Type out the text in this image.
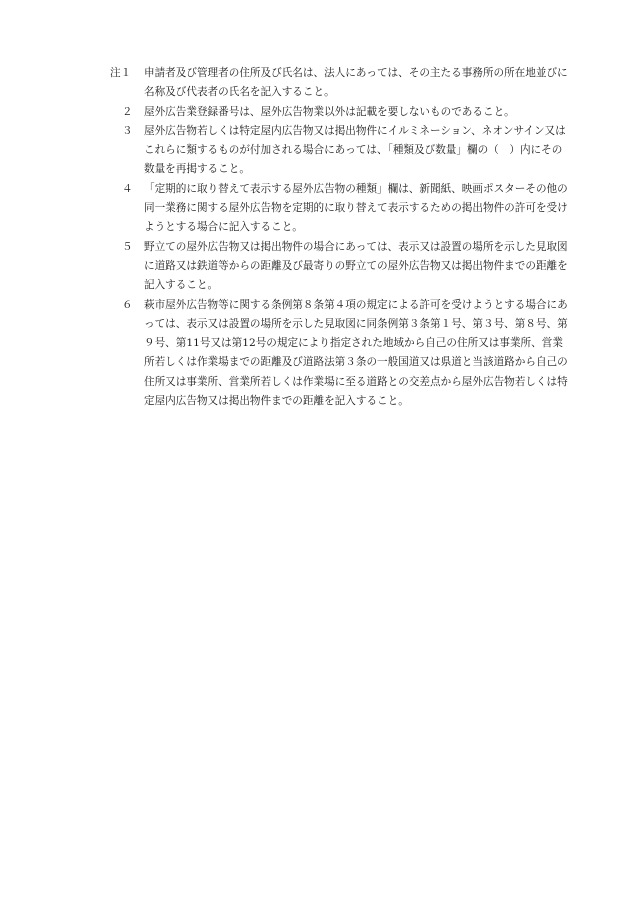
注１	申請者及び管理者の住所及び氏名は、法人にあっては、その主たる事務所の所在地並びに名称及び代表者の氏名を記入すること。
２	屋外広告業登録番号は、屋外広告物業以外は記載を要しないものであること。
３	屋外広告物若しくは特定屋内広告物又は掲出物件にイルミネーション、ネオンサイン又はこれらに類するものが付加される場合にあっては、「種類及び数量」欄の（　）内にその数量を再掲すること。
４	「定期的に取り替えて表示する屋外広告物の種類」欄は、新聞紙、映画ポスターその他の同一業務に関する屋外広告物を定期的に取り替えて表示するための掲出物件の許可を受けようとする場合に記入すること。
５	野立ての屋外広告物又は掲出物件の場合にあっては、表示又は設置の場所を示した見取図に道路又は鉄道等からの距離及び最寄りの野立ての屋外広告物又は掲出物件までの距離を記入すること。
６	萩市屋外広告物等に関する条例第８条第４項の規定による許可を受けようとする場合にあっては、表示又は設置の場所を示した見取図に同条例第３条第１号、第３号、第８号、第９号、第11号又は第12号の規定により指定された地域から自己の住所又は事業所、営業所若しくは作業場までの距離及び道路法第３条の一般国道又は県道と当該道路から自己の住所又は事業所、営業所若しくは作業場に至る道路との交差点から屋外広告物若しくは特定屋内広告物又は掲出物件までの距離を記入すること。
